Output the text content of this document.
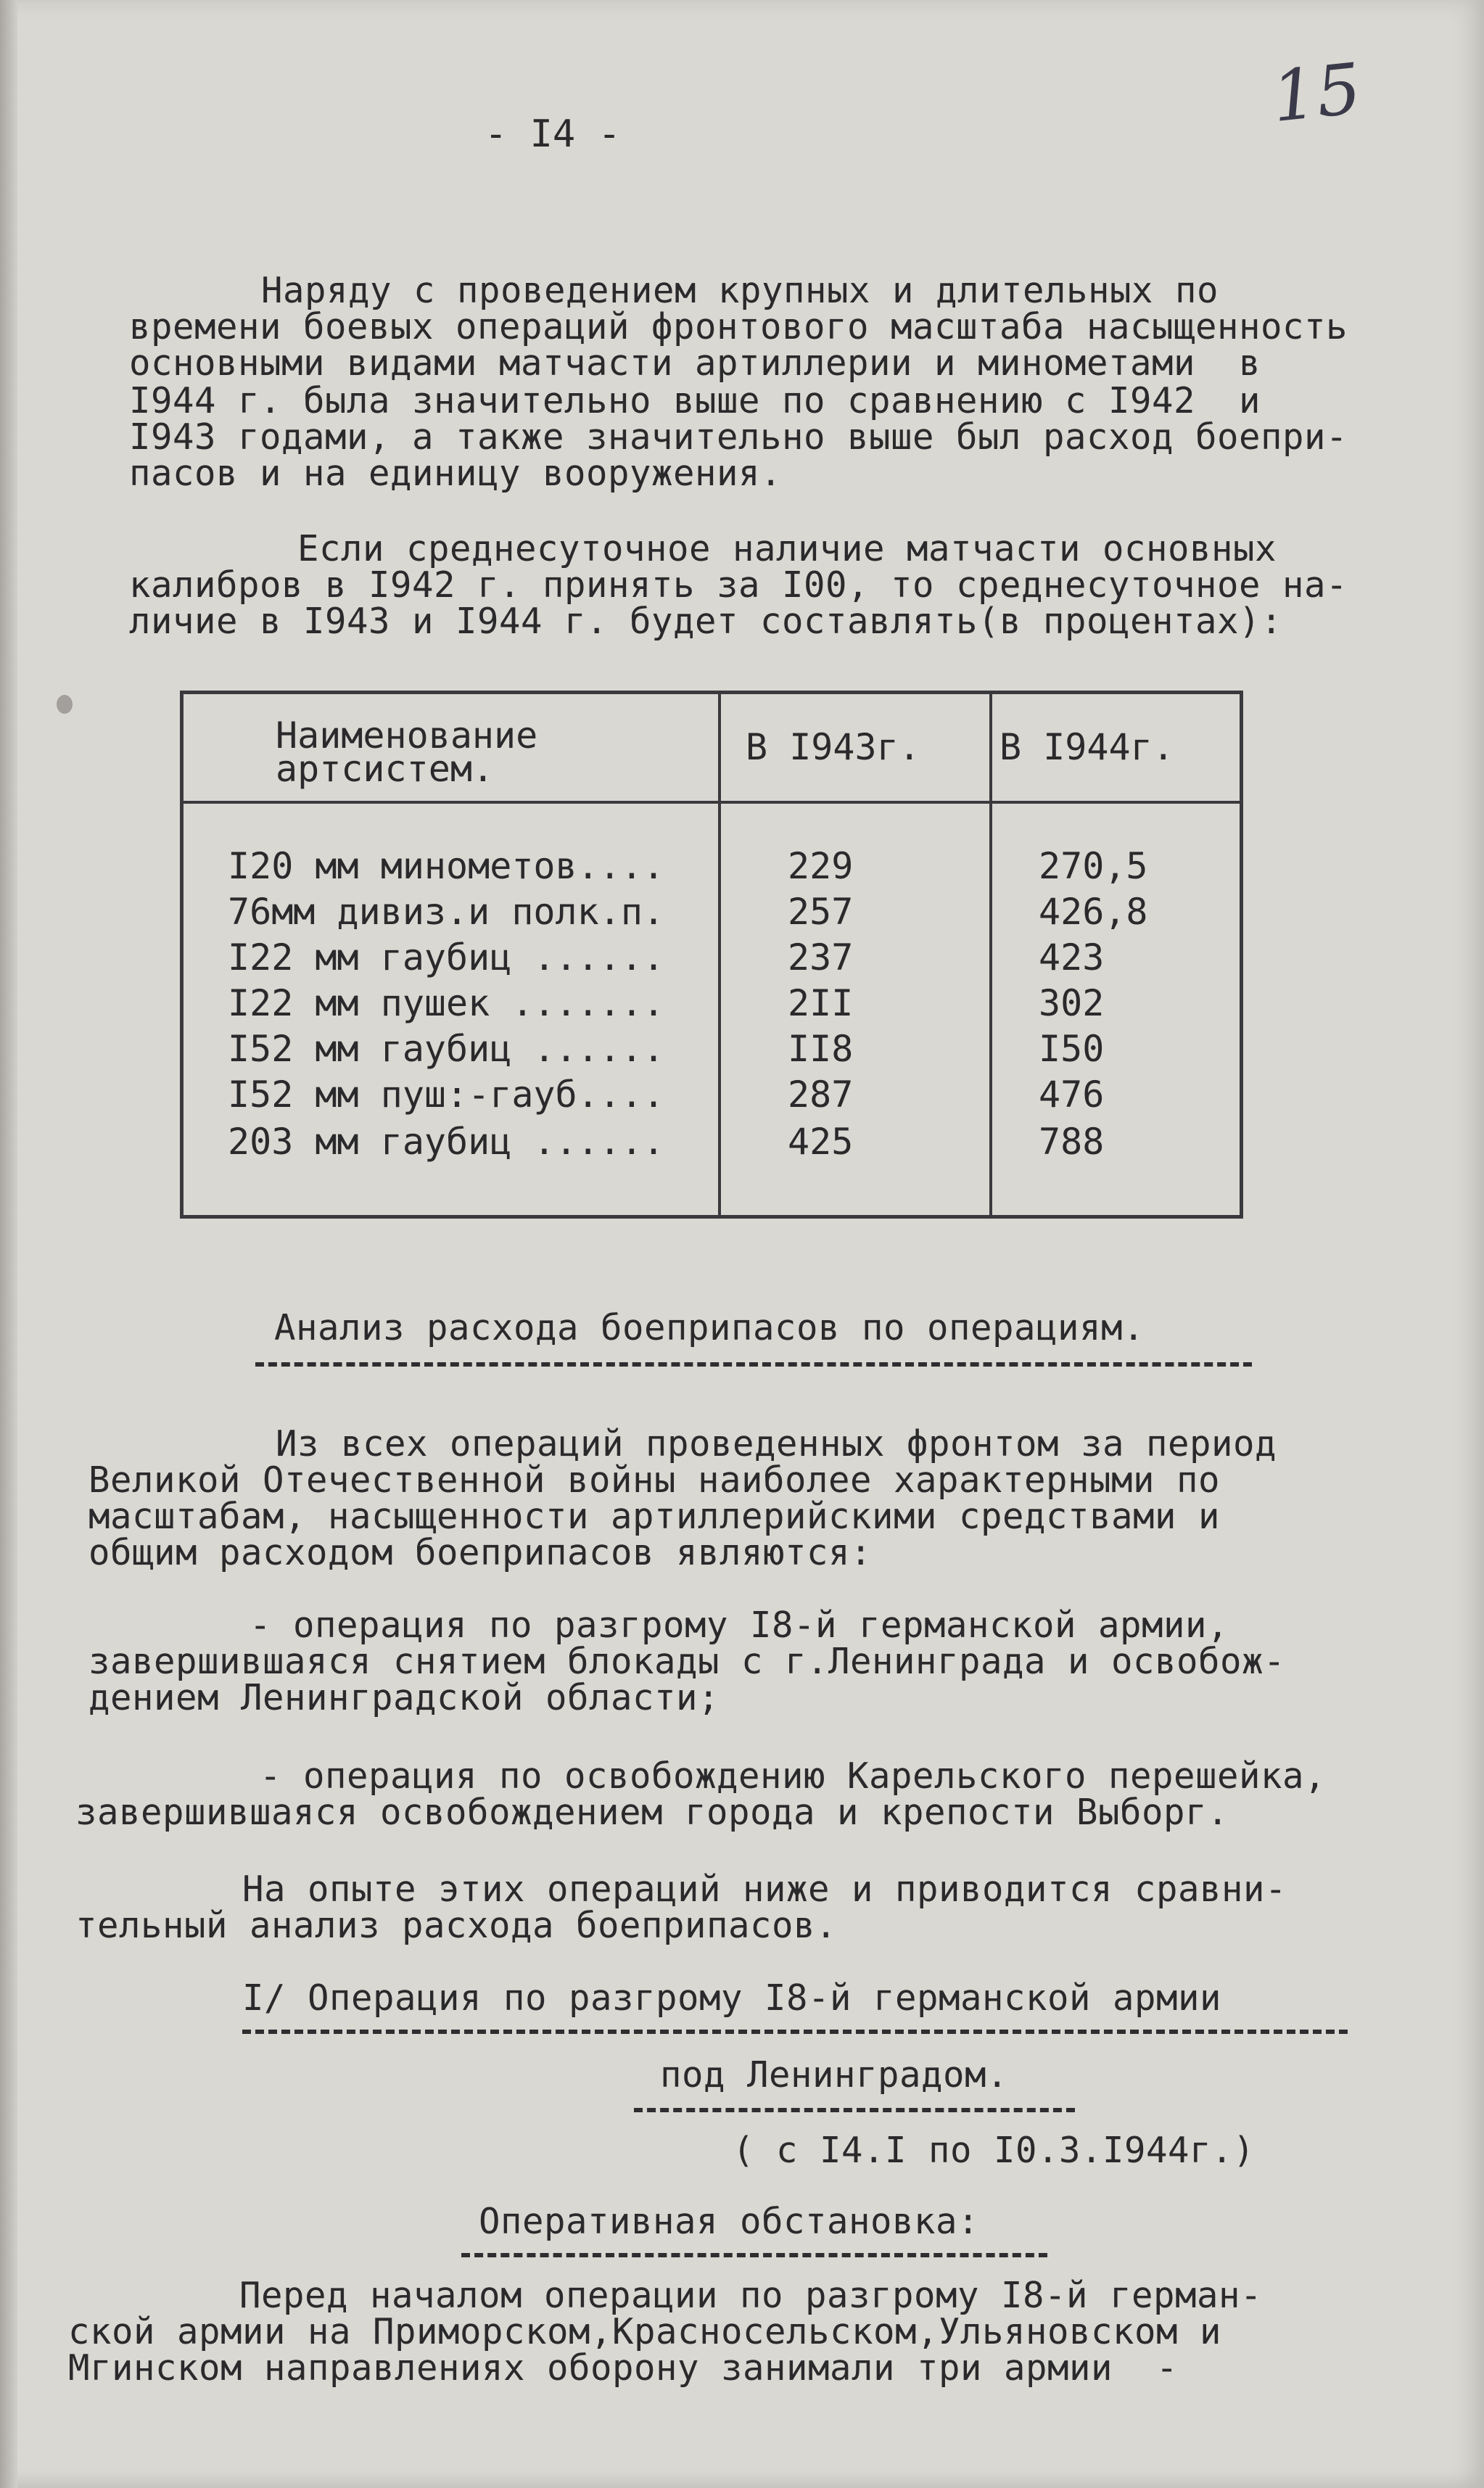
15
- I4 -
Наряду с проведением крупных и длительных по
времени боевых операций фронтового масштаба насыщенность
основными видами матчасти артиллерии и минометами  в
I944 г. была значительно выше по сравнению с I942  и
I943 годами, а также значительно выше был расход боепри-
пасов и на единицу вооружения.
Если среднесуточное наличие матчасти основных
калибров в I942 г. принять за I00, то среднесуточное на-
личие в I943 и I944 г. будет составлять(в процентах):
Наименование
артсистем.
В I943г. В I944г.
I20 мм минометов....	229	270,5
76мм дивиз.и полк.п.	257	426,8
I22 мм гаубиц ......	237	423
I22 мм пушек .......	2II	302
I52 мм гаубиц ......	II8	I50
I52 мм пуш:-гауб....	287	476
203 мм гаубиц ......	425	788
Анализ расхода боеприпасов по операциям.
Из всех операций проведенных фронтом за период
Великой Отечественной войны наиболее характерными по
масштабам, насыщенности артиллерийскими средствами и
общим расходом боеприпасов являются:
- операция по разгрому I8-й германской армии,
завершившаяся снятием блокады с г.Ленинграда и освобож-
дением Ленинградской области;
- операция по освобождению Карельского перешейка,
завершившаяся освобождением города и крепости Выборг.
На опыте этих операций ниже и приводится сравни-
тельный анализ расхода боеприпасов.
I/ Операция по разгрому I8-й германской армии
под Ленинградом.
( с I4.I по I0.3.I944г.)
Оперативная обстановка:
Перед началом операции по разгрому I8-й герман-
ской армии на Приморском,Красносельском,Ульяновском и
Мгинском направлениях оборону занимали три армии  -
